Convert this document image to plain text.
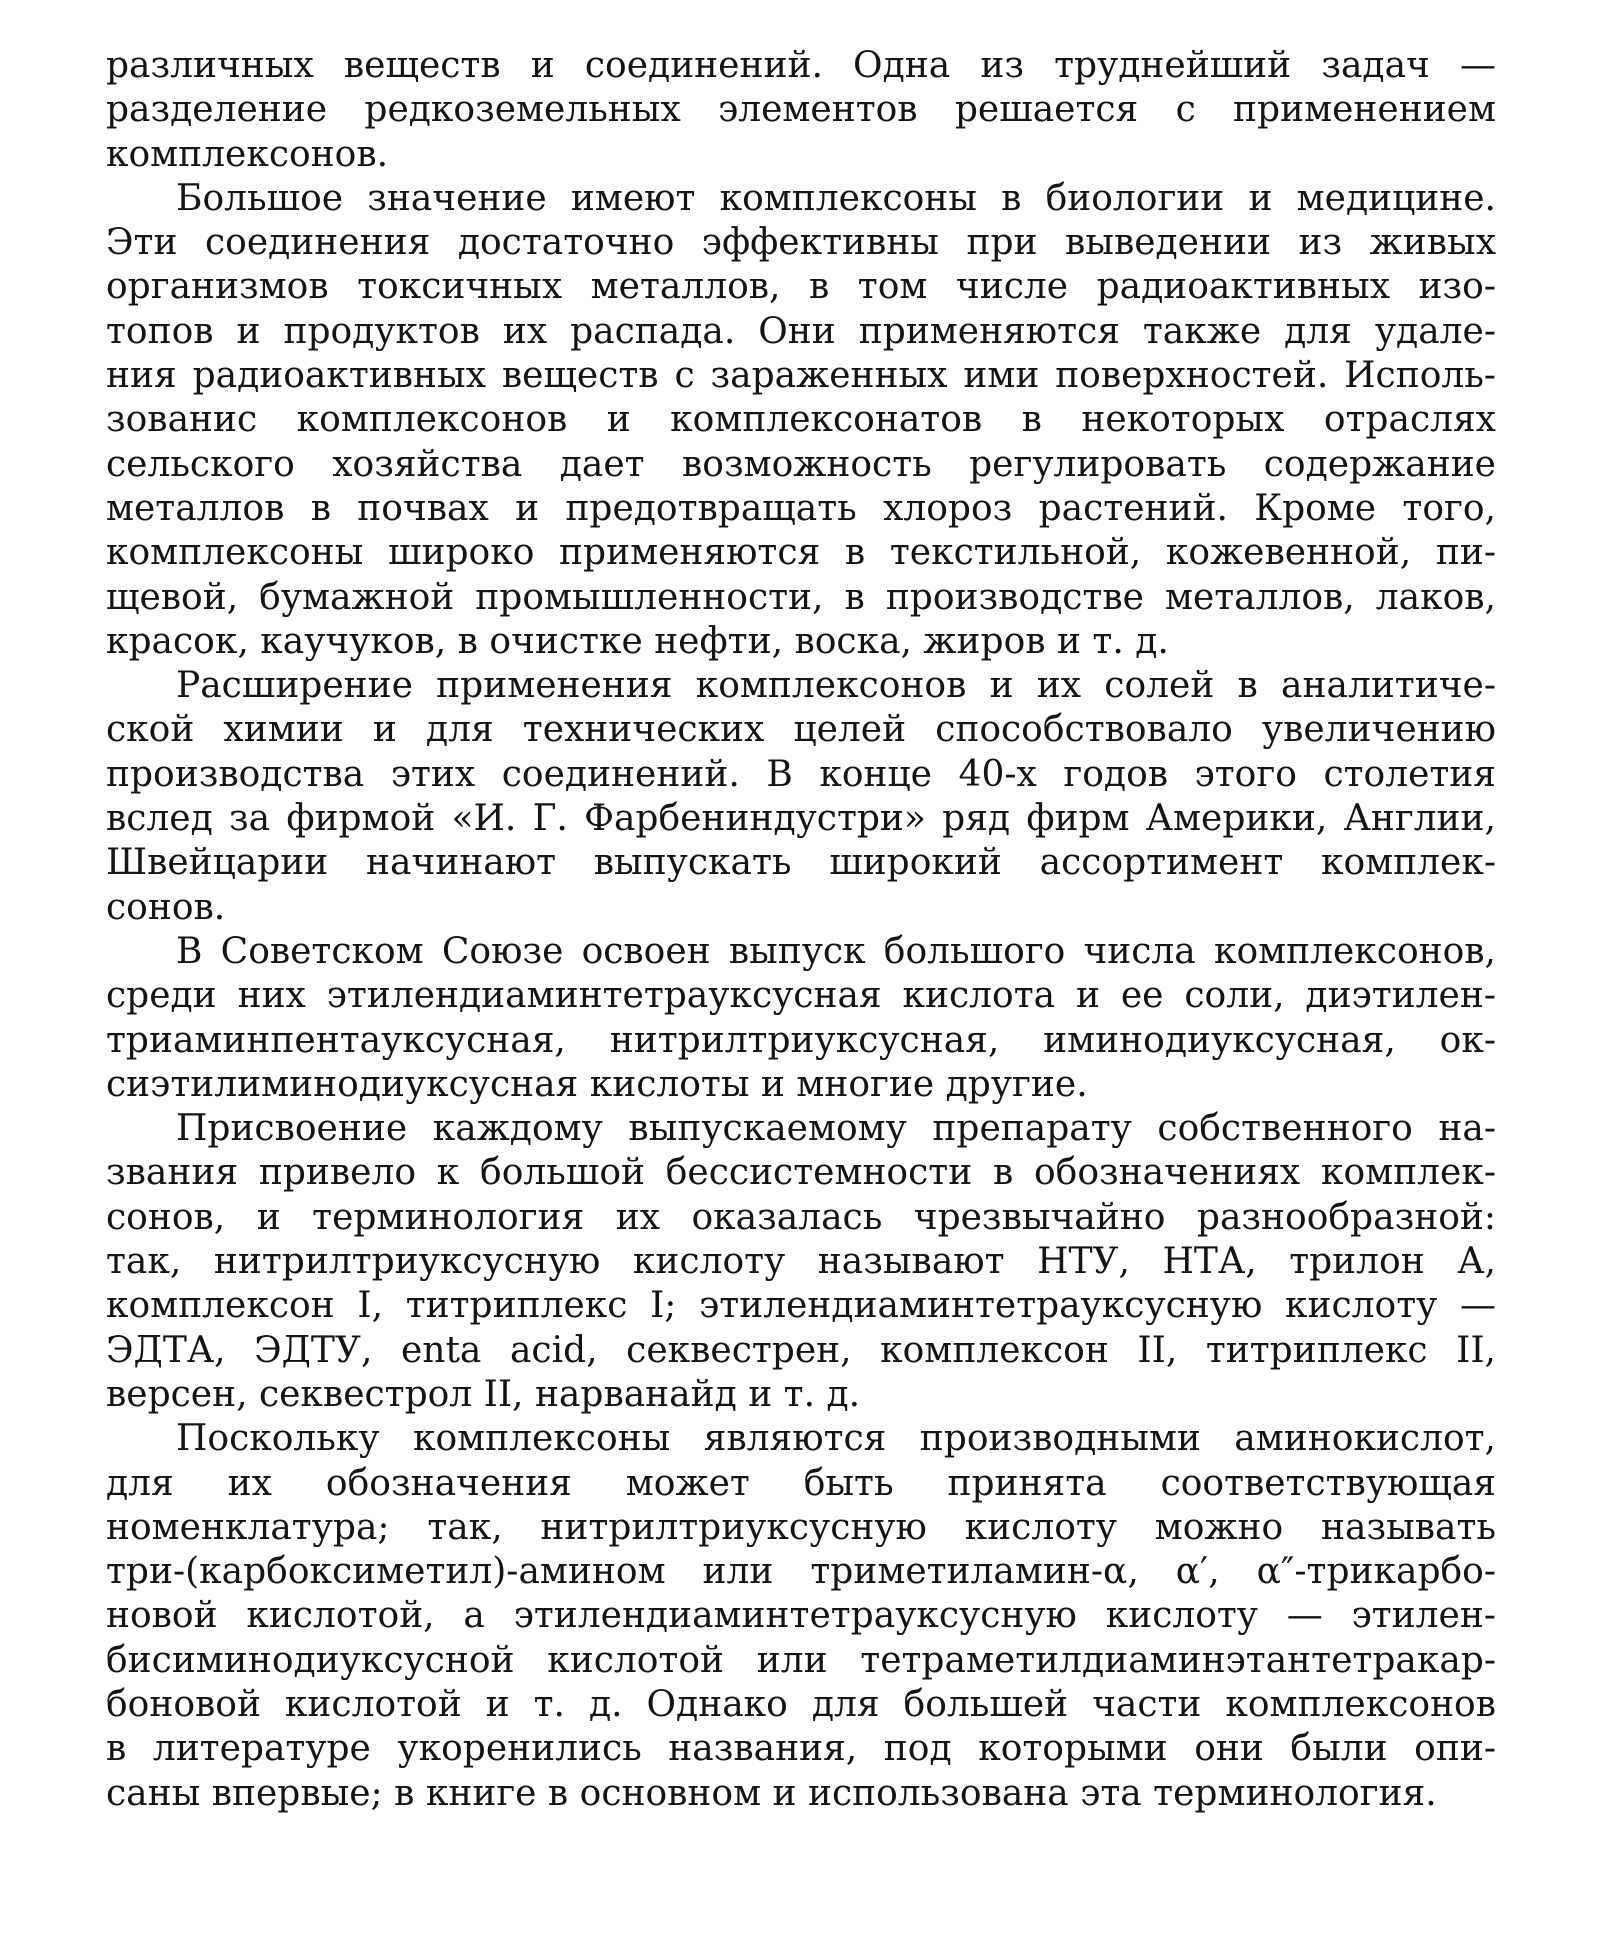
различных веществ и соединений. Одна из труднейший задач —
разделение редкоземельных элементов решается с применением
комплексонов.

Большое значение имеют комплексоны в биологии и медицине.
Эти соединения достаточно эффективны при выведении из живых
организмов токсичных металлов, в том числе радиоактивных изо-
топов и продуктов их распада. Они применяются также для удале-
ния радиоактивных веществ с зараженных ими поверхностей. Исполь-
зованис комплексонов и комплексонатов в некоторых отраслях
сельского хозяйства дает возможность регулировать содержание
металлов в почвах и предотвращать хлороз растений. Кроме того,
комплексоны широко применяются в текстильной, кожевенной, пи-
щевой, бумажной промышленности, в производстве металлов, лаков,
красок, каучуков, в очистке нефти, воска, жиров и т. д.

Расширение применения комплексонов и их солей в аналитиче-
ской химии и для технических целей способствовало увеличению
производства этих соединений. В конце 40-х годов этого столетия
вслед за фирмой «И. Г. Фарбениндустри» ряд фирм Америки, Англии,
Швейцарии начинают выпускать широкий ассортимент комплек-
сонов.

В Советском Союзе освоен выпуск большого числа комплексонов,
среди них этилендиаминтетрауксусная кислота и ее соли, диэтилен-
триаминпентауксусная, нитрилтриуксусная, иминодиуксусная, ок-
сиэтилиминодиуксусная кислоты и многие другие.

Присвоение каждому выпускаемому препарату собственного на-
звания привело к большой бессистемности в обозначениях комплек-
сонов, и терминология их оказалась чрезвычайно разнообразной:
так, нитрилтриуксусную кислоту называют НТУ, НТА, трилон А,
комплексон I, титриплекс I; этилендиаминтетрауксусную кислоту —
ЭДТА, ЭДТУ, enta acid, секвестрен, комплексон II, титриплекс II,
версен, секвестрол II, нарванайд и т. д.

Поскольку комплексоны являются производными аминокислот,
для их обозначения может быть принята соответствующая
номенклатура; так, нитрилтриуксусную кислоту можно называть
три-(карбоксиметил)-амином или триметиламин-α, α′, α″-трикарбо-
новой кислотой, а этилендиаминтетрауксусную кислоту — этилен-
бисиминодиуксусной кислотой или тетраметилдиаминэтантетракар-
боновой кислотой и т. д. Однако для большей части комплексонов
в литературе укоренились названия, под которыми они были опи-
саны впервые; в книге в основном и использована эта терминология.
